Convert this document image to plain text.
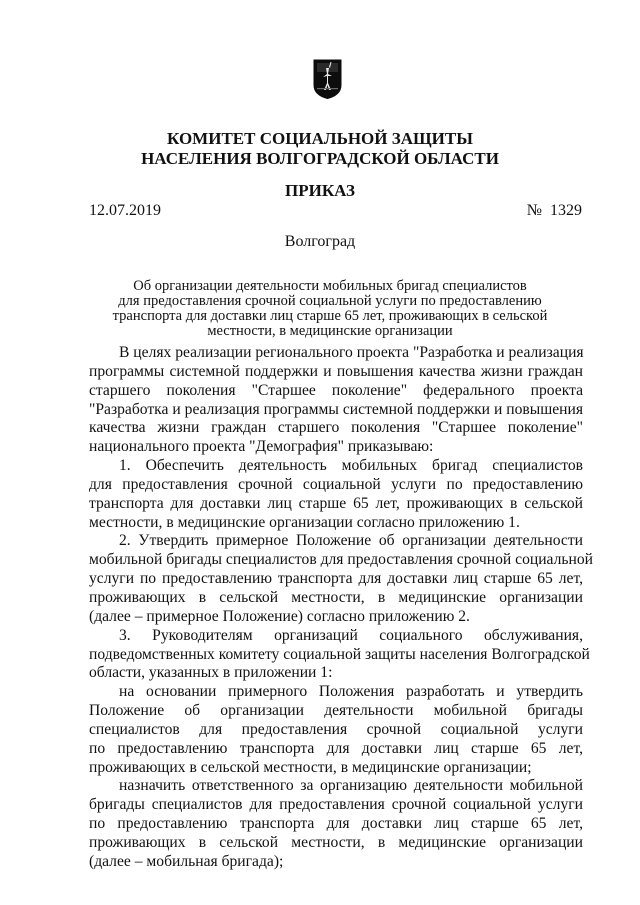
КОМИТЕТ СОЦИАЛЬНОЙ ЗАЩИТЫ
НАСЕЛЕНИЯ ВОЛГОГРАДСКОЙ ОБЛАСТИ
ПРИКАЗ
12.07.2019	№  1329
Волгоград
Об организации деятельности мобильных бригад специалистов
для предоставления срочной социальной услуги по предоставлению
транспорта для доставки лиц старше 65 лет, проживающих в сельской
местности, в медицинские организации
В целях реализации регионального проекта "Разработка и реализация
программы системной поддержки и повышения качества жизни граждан
старшего поколения "Старшее поколение" федерального проекта
"Разработка и реализация программы системной поддержки и повышения
качества жизни граждан старшего поколения "Старшее поколение"
национального проекта "Демография" приказываю:
1. Обеспечить деятельность мобильных бригад специалистов
для предоставления срочной социальной услуги по предоставлению
транспорта для доставки лиц старше 65 лет, проживающих в сельской
местности, в медицинские организации согласно приложению 1.
2. Утвердить примерное Положение об организации деятельности
мобильной бригады специалистов для предоставления срочной социальной
услуги по предоставлению транспорта для доставки лиц старше 65 лет,
проживающих в сельской местности, в медицинские организации
(далее – примерное Положение) согласно приложению 2.
3. Руководителям организаций социального обслуживания,
подведомственных комитету социальной защиты населения Волгоградской
области, указанных в приложении 1:
на основании примерного Положения разработать и утвердить
Положение об организации деятельности мобильной бригады
специалистов для предоставления срочной социальной услуги
по предоставлению транспорта для доставки лиц старше 65 лет,
проживающих в сельской местности, в медицинские организации;
назначить ответственного за организацию деятельности мобильной
бригады специалистов для предоставления срочной социальной услуги
по предоставлению транспорта для доставки лиц старше 65 лет,
проживающих в сельской местности, в медицинские организации
(далее – мобильная бригада);
